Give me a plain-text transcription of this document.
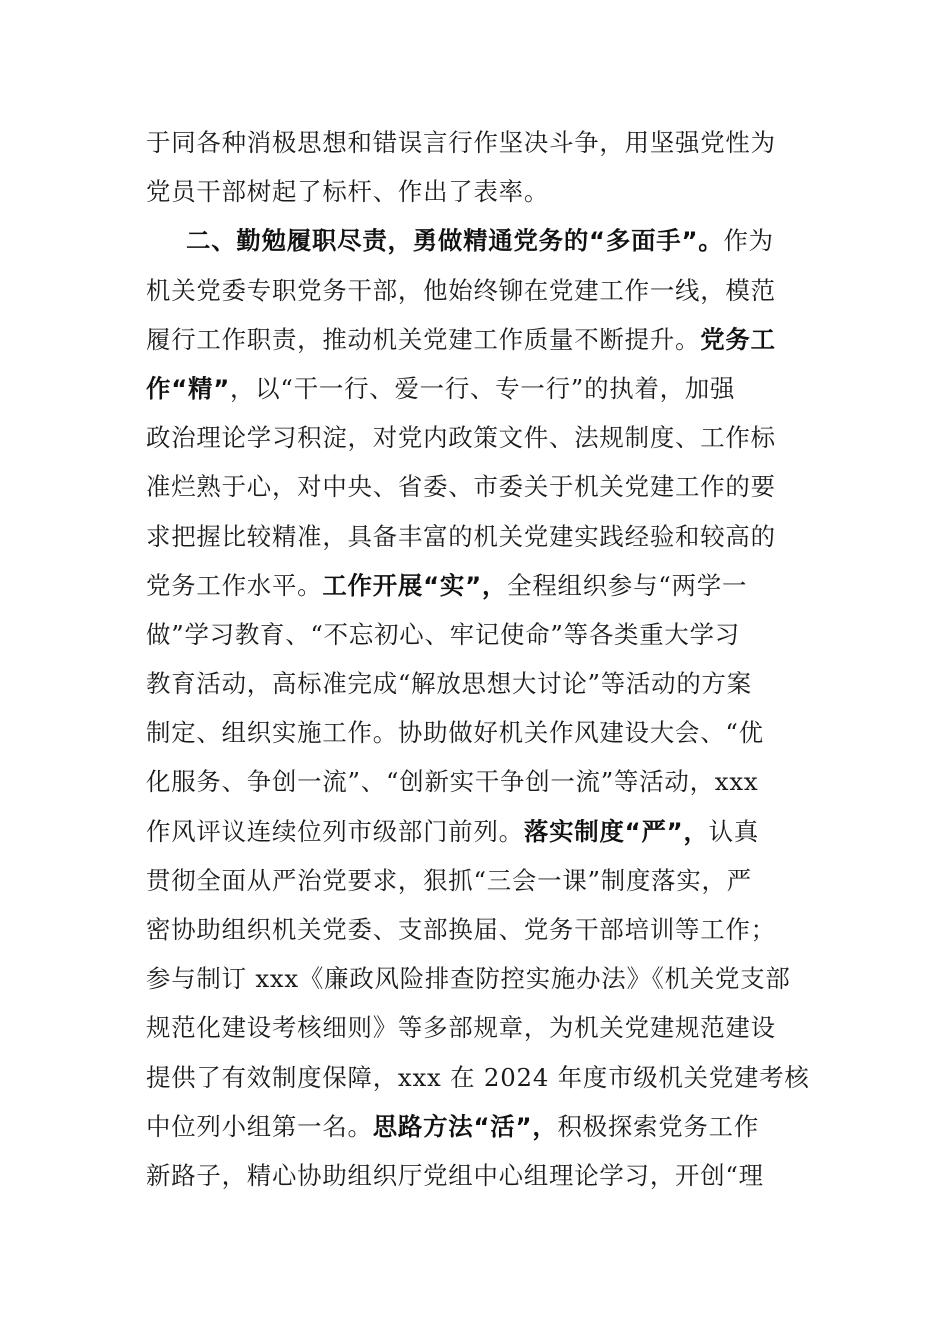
于同各种消极思想和错误言行作坚决斗争，用坚强党性为
党员干部树起了标杆、作出了表率。
二、勤勉履职尽责，勇做精通党务的“多面手”。作为
机关党委专职党务干部，他始终铆在党建工作一线，模范
履行工作职责，推动机关党建工作质量不断提升。党务工
作“精”，以“干一行、爱一行、专一行”的执着，加强
政治理论学习积淀，对党内政策文件、法规制度、工作标
准烂熟于心，对中央、省委、市委关于机关党建工作的要
求把握比较精准，具备丰富的机关党建实践经验和较高的
党务工作水平。工作开展“实”，全程组织参与“两学一
做”学习教育、“不忘初心、牢记使命”等各类重大学习
教育活动，高标准完成“解放思想大讨论”等活动的方案
制定、组织实施工作。协助做好机关作风建设大会、“优
化服务、争创一流”、“创新实干争创一流”等活动，xxx
作风评议连续位列市级部门前列。落实制度“严”，认真
贯彻全面从严治党要求，狠抓“三会一课”制度落实，严
密协助组织机关党委、支部换届、党务干部培训等工作；
参与制订 xxx《廉政风险排查防控实施办法》《机关党支部
规范化建设考核细则》等多部规章，为机关党建规范建设
提供了有效制度保障，xxx 在 2024 年度市级机关党建考核
中位列小组第一名。思路方法“活”，积极探索党务工作
新路子，精心协助组织厅党组中心组理论学习，开创“理
